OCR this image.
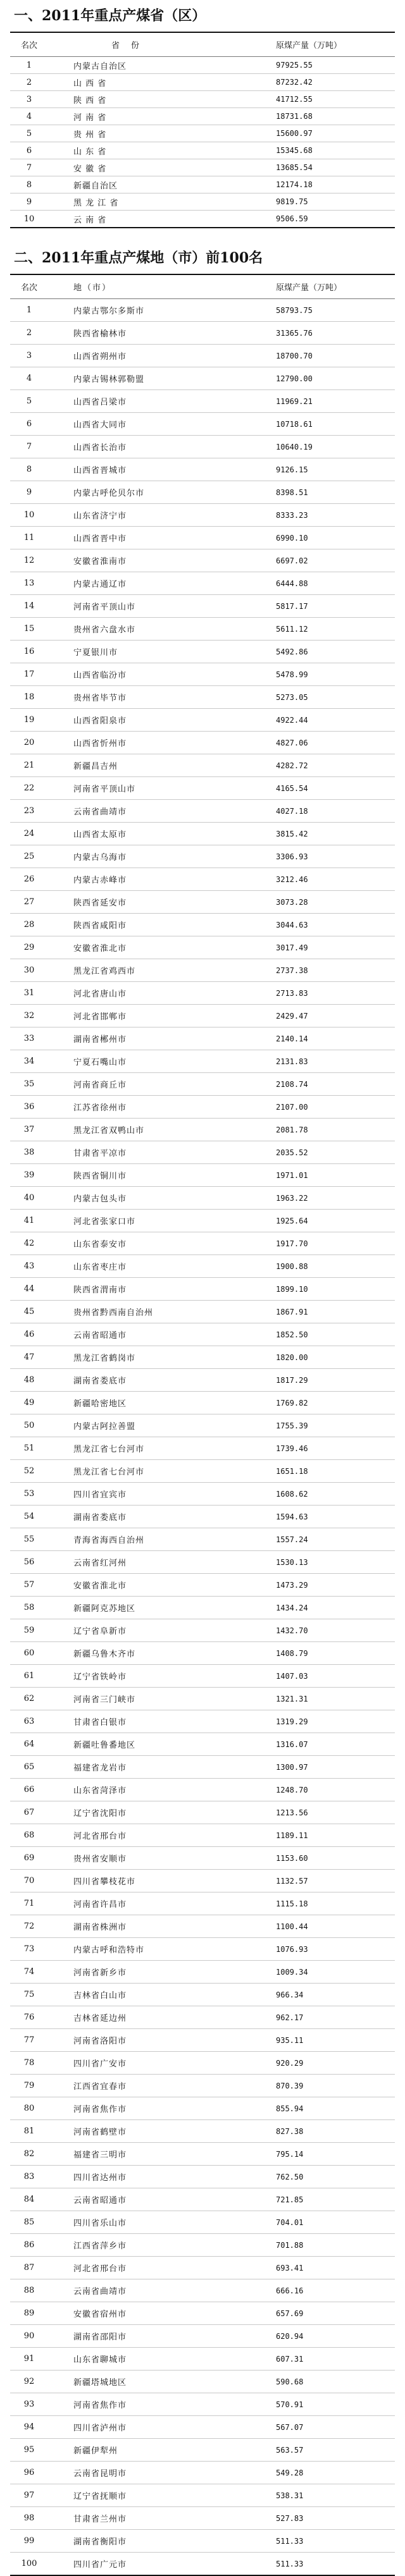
一、2011年重点产煤省（区）
名次	省份	原煤产量（万吨）
1	内蒙古自治区	97925.55
2	山 西 省	87232.42
3	陕 西 省	41712.55
4	河 南 省	18731.68
5	贵 州 省	15600.97
6	山 东 省	15345.68
7	安 徽 省	13685.54
8	新疆自治区	12174.18
9	黑 龙 江 省	9819.75
10	云 南 省	9506.59
二、2011年重点产煤地（市）前100名
名次	地（市）	原煤产量（万吨）
1	内蒙古鄂尔多斯市	58793.75
2	陕西省榆林市	31365.76
3	山西省朔州市	18700.70
4	内蒙古锡林郭勒盟	12790.00
5	山西省吕梁市	11969.21
6	山西省大同市	10718.61
7	山西省长治市	10640.19
8	山西省晋城市	9126.15
9	内蒙古呼伦贝尔市	8398.51
10	山东省济宁市	8333.23
11	山西省晋中市	6990.10
12	安徽省淮南市	6697.02
13	内蒙古通辽市	6444.88
14	河南省平顶山市	5817.17
15	贵州省六盘水市	5611.12
16	宁夏银川市	5492.86
17	山西省临汾市	5478.99
18	贵州省毕节市	5273.05
19	山西省阳泉市	4922.44
20	山西省忻州市	4827.06
21	新疆昌吉州	4282.72
22	河南省平顶山市	4165.54
23	云南省曲靖市	4027.18
24	山西省太原市	3815.42
25	内蒙古乌海市	3306.93
26	内蒙古赤峰市	3212.46
27	陕西省延安市	3073.28
28	陕西省咸阳市	3044.63
29	安徽省淮北市	3017.49
30	黑龙江省鸡西市	2737.38
31	河北省唐山市	2713.83
32	河北省邯郸市	2429.47
33	湖南省郴州市	2140.14
34	宁夏石嘴山市	2131.83
35	河南省商丘市	2108.74
36	江苏省徐州市	2107.00
37	黑龙江省双鸭山市	2081.78
38	甘肃省平凉市	2035.52
39	陕西省铜川市	1971.01
40	内蒙古包头市	1963.22
41	河北省张家口市	1925.64
42	山东省泰安市	1917.70
43	山东省枣庄市	1900.88
44	陕西省渭南市	1899.10
45	贵州省黔西南自治州	1867.91
46	云南省昭通市	1852.50
47	黑龙江省鹤岗市	1820.00
48	湖南省娄底市	1817.29
49	新疆哈密地区	1769.82
50	内蒙古阿拉善盟	1755.39
51	黑龙江省七台河市	1739.46
52	黑龙江省七台河市	1651.18
53	四川省宜宾市	1608.62
54	湖南省娄底市	1594.63
55	青海省海西自治州	1557.24
56	云南省红河州	1530.13
57	安徽省淮北市	1473.29
58	新疆阿克苏地区	1434.24
59	辽宁省阜新市	1432.70
60	新疆乌鲁木齐市	1408.79
61	辽宁省铁岭市	1407.03
62	河南省三门峡市	1321.31
63	甘肃省白银市	1319.29
64	新疆吐鲁番地区	1316.07
65	福建省龙岩市	1300.97
66	山东省菏泽市	1248.70
67	辽宁省沈阳市	1213.56
68	河北省邢台市	1189.11
69	贵州省安顺市	1153.60
70	四川省攀枝花市	1132.57
71	河南省许昌市	1115.18
72	湖南省株洲市	1100.44
73	内蒙古呼和浩特市	1076.93
74	河南省新乡市	1009.34
75	吉林省白山市	966.34
76	吉林省延边州	962.17
77	河南省洛阳市	935.11
78	四川省广安市	920.29
79	江西省宜春市	870.39
80	河南省焦作市	855.94
81	河南省鹤壁市	827.38
82	福建省三明市	795.14
83	四川省达州市	762.50
84	云南省昭通市	721.85
85	四川省乐山市	704.01
86	江西省萍乡市	701.88
87	河北省邢台市	693.41
88	云南省曲靖市	666.16
89	安徽省宿州市	657.69
90	湖南省邵阳市	620.94
91	山东省聊城市	607.31
92	新疆塔城地区	590.68
93	河南省焦作市	570.91
94	四川省泸州市	567.07
95	新疆伊犁州	563.57
96	云南省昆明市	549.28
97	辽宁省抚顺市	538.31
98	甘肃省兰州市	527.83
99	湖南省衡阳市	511.33
100	四川省广元市	511.33
